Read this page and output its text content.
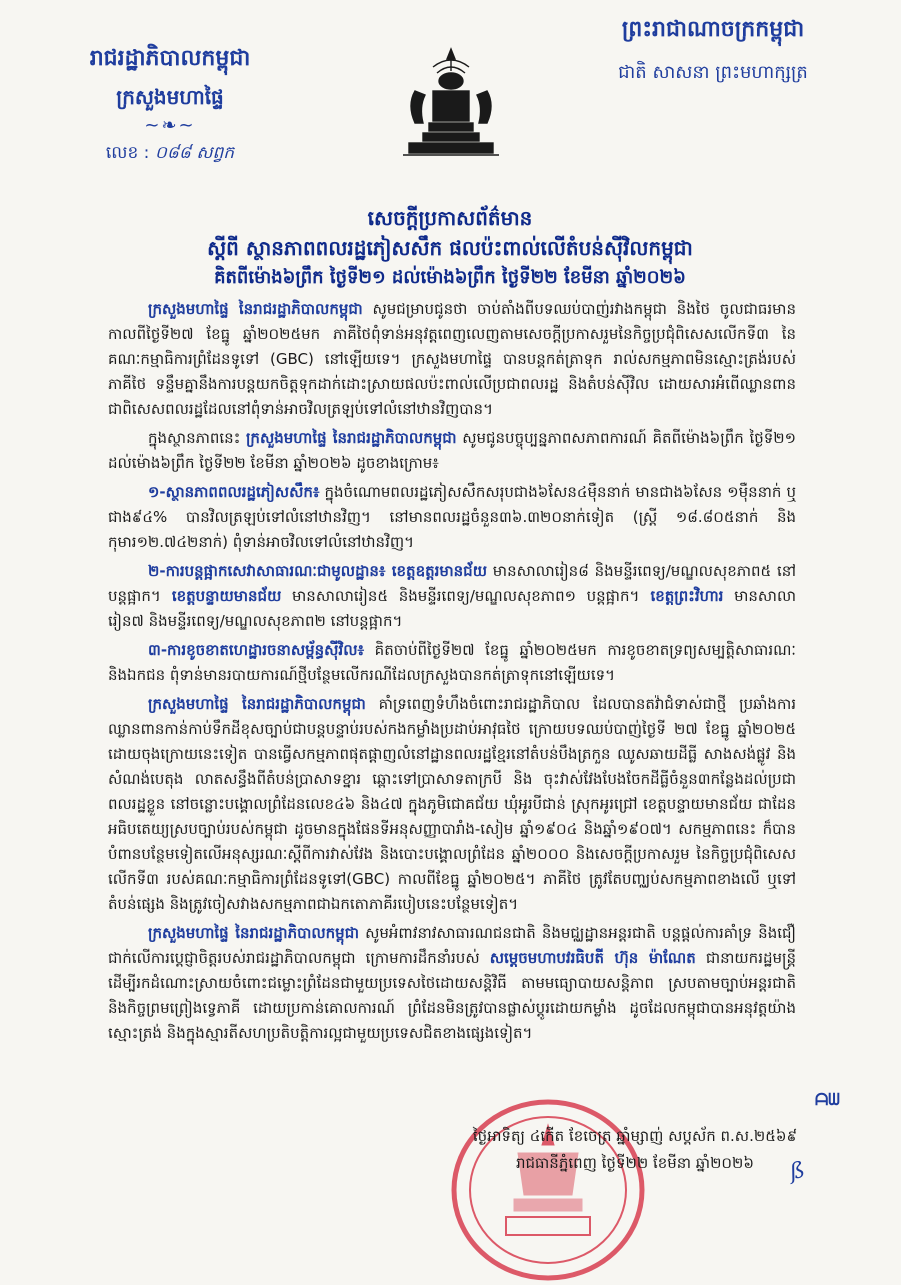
រាជរដ្ឋាភិបាលកម្ពុជា
ក្រសួងមហាផ្ទៃ
~❧~
លេខ : ០៨៨ សព្វក
ព្រះរាជាណាចក្រកម្ពុជា
ជាតិ សាសនា ព្រះមហាក្សត្រ
សេចក្តីប្រកាសព័ត៌មាន
ស្តីពី ស្ថានភាពពលរដ្ឋភៀសសឹក ផលប៉ះពាល់លើតំបន់ស៊ីវិលកម្ពុជា
គិតពីម៉ោង៦ព្រឹក ថ្ងៃទី២១ ដល់ម៉ោង៦ព្រឹក ថ្ងៃទី២២ ខែមីនា ឆ្នាំ២០២៦

ក្រសួងមហាផ្ទៃ នៃរាជរដ្ឋាភិបាលកម្ពុជា សូមជម្រាបជូនថា ចាប់តាំងពីបទឈប់បាញ់រវាងកម្ពុជា និងថៃ ចូលជាធរមាន កាលពីថ្ងៃទី២៧ ខែធ្នូ ឆ្នាំ២០២៥មក ភាគីថៃពុំទាន់អនុវត្តពេញលេញតាមសេចក្តីប្រកាសរួមនៃកិច្ចប្រជុំពិសេសលើកទី៣ នៃគណៈកម្មាធិការព្រំដែនទូទៅ (GBC) នៅឡើយទេ។ ក្រសួងមហាផ្ទៃ បានបន្តកត់ត្រាទុក រាល់សកម្មភាពមិនស្មោះត្រង់របស់ភាគីថៃ ទន្ទឹមគ្នានឹងការបន្តយកចិត្តទុកដាក់ដោះស្រាយផលប៉ះពាល់លើប្រជាពលរដ្ឋ និងតំបន់ស៊ីវិល ដោយសារអំពើឈ្លានពាន ជាពិសេសពលរដ្ឋដែលនៅពុំទាន់អាចវិលត្រឡប់ទៅលំនៅឋានវិញបាន។

ក្នុងស្ថានភាពនេះ ក្រសួងមហាផ្ទៃ នៃរាជរដ្ឋាភិបាលកម្ពុជា សូមជូនបច្ចុប្បន្នភាពសភាពការណ៍ គិតពីម៉ោង៦ព្រឹក ថ្ងៃទី២១ ដល់ម៉ោង៦ព្រឹក ថ្ងៃទី២២ ខែមីនា ឆ្នាំ២០២៦ ដូចខាងក្រោម៖

១-ស្ថានភាពពលរដ្ឋភៀសសឹក៖ ក្នុងចំណោមពលរដ្ឋភៀសសឹកសរុបជាង៦សែន៤ម៉ឺននាក់ មានជាង៦សែន ១ម៉ឺននាក់ ឬ ជាង៩៤% បានវិលត្រឡប់ទៅលំនៅឋានវិញ។ នៅមានពលរដ្ឋចំនួន៣៦.៣២០នាក់ទៀត (ស្ត្រី ១៨.៨០៥នាក់ និងកុមារ១២.៧៤២នាក់) ពុំទាន់អាចវិលទៅលំនៅឋានវិញ។

២-ការបន្តផ្អាកសេវាសាធារណៈជាមូលដ្ឋាន៖ ខេត្តឧត្តរមានជ័យ មានសាលារៀន៨ និងមន្ទីរពេទ្យ/មណ្ឌលសុខភាព៥ នៅបន្តផ្អាក។ ខេត្តបន្ទាយមានជ័យ មានសាលារៀន៥ និងមន្ទីរពេទ្យ/មណ្ឌលសុខភាព១ បន្តផ្អាក។ ខេត្តព្រះវិហារ មានសាលារៀន៧ និងមន្ទីរពេទ្យ/មណ្ឌលសុខភាព២ នៅបន្តផ្អាក។

៣-ការខូចខាតហេដ្ឋារចនាសម្ព័ន្ធស៊ីវិល៖ គិតចាប់ពីថ្ងៃទី២៧ ខែធ្នូ ឆ្នាំ២០២៥មក ការខូចខាតទ្រព្យសម្បត្តិសាធារណៈ និងឯកជន ពុំទាន់មានរបាយការណ៍ថ្មីបន្ថែមលើករណីដែលក្រសួងបានកត់ត្រាទុកនៅឡើយទេ។

ក្រសួងមហាផ្ទៃ នៃរាជរដ្ឋាភិបាលកម្ពុជា គាំទ្រពេញទំហឹងចំពោះរាជរដ្ឋាភិបាល ដែលបានតវ៉ាជំទាស់ជាថ្មី ប្រឆាំងការឈ្លានពានកាន់កាប់ទឹកដីខុសច្បាប់ជាបន្តបន្ទាប់របស់កងកម្លាំងប្រដាប់អាវុធថៃ ក្រោយបទឈប់បាញ់ថ្ងៃទី ២៧ ខែធ្នូ ឆ្នាំ២០២៥ ដោយចុងក្រោយនេះទៀត បានធ្វើសកម្មភាពផុតផ្ដាញលំនៅដ្ឋានពលរដ្ឋខ្មែរនៅតំបន់បឹងត្រកួន ឈូសឆាយដីធ្លី សាងសង់ផ្លូវ និងសំណង់បេតុង លាតសន្ធឹងពីតំបន់ប្រាសាទខ្នារ ឆ្ពោះទៅប្រាសាទតាក្របី និង ចុះវាស់វែងបែងចែកដីធ្លីចំនួន៣កន្លែងដល់ប្រជាពលរដ្ឋខ្លួន នៅចន្លោះបង្គោលព្រំដែនលេខ៤៦ និង៤៧ ក្នុងភូមិជោគជ័យ ឃុំអូរបីជាន់ ស្រុកអូរជ្រៅ ខេត្តបន្ទាយមានជ័យ ជាដែនអធិបតេយ្យស្របច្បាប់របស់កម្ពុជា ដូចមានក្នុងផែនទីអនុសញ្ញាបារាំង-សៀម ឆ្នាំ១៩០៤ និងឆ្នាំ១៩០៧។ សកម្មភាពនេះ ក៏បានបំពានបន្ថែមទៀតលើអនុស្សរណៈស្តីពីការវាស់វែង និងបោះបង្គោលព្រំដែន ឆ្នាំ២០០០ និងសេចក្តីប្រកាសរួម នៃកិច្ចប្រជុំពិសេសលើកទី៣ របស់គណៈកម្មាធិការព្រំដែនទូទៅ(GBC) កាលពីខែធ្នូ ឆ្នាំ២០២៥។ ភាគីថៃ ត្រូវតែបញ្ឈប់សកម្មភាពខាងលើ ឬទៅតំបន់ផ្សេង និងត្រូវចៀសវាងសកម្មភាពជាឯកតោភាគីរបៀបនេះបន្ថែមទៀត។

ក្រសួងមហាផ្ទៃ នៃរាជរដ្ឋាភិបាលកម្ពុជា សូមអំពាវនាវសាធារណជនជាតិ និងមជ្ឈដ្ឋានអន្តរជាតិ បន្តផ្តល់ការគាំទ្រ និងជឿជាក់លើការប្តេជ្ញាចិត្តរបស់រាជរដ្ឋាភិបាលកម្ពុជា ក្រោមការដឹកនាំរបស់ សម្តេចមហាបវរធិបតី ហ៊ុន ម៉ាណែត ជានាយករដ្ឋមន្ត្រី ដើម្បីរកដំណោះស្រាយចំពោះជម្លោះព្រំដែនជាមួយប្រទេសថៃដោយសន្តិវិធី តាមមធ្យោបាយសន្តិភាព ស្របតាមច្បាប់អន្តរជាតិ និងកិច្ចព្រមព្រៀងទ្វេភាគី ដោយប្រកាន់គោលការណ៍ ព្រំដែនមិនត្រូវបានផ្លាស់ប្តូរដោយកម្លាំង ដូចដែលកម្ពុជាបានអនុវត្តយ៉ាងស្មោះត្រង់ និងក្នុងស្មារតីសហប្រតិបត្តិការល្អជាមួយប្រទេសជិតខាងផ្សេងទៀត។

ᗩᗯ
ថ្ងៃអាទិត្យ ៤កើត ខែចេត្រ ឆ្នាំម្សាញ់ សប្តស័ក ព.ស.២៥៦៩
រាជធានីភ្នំពេញ ថ្ងៃទី២២ ខែមីនា ឆ្នាំ២០២៦	ß
